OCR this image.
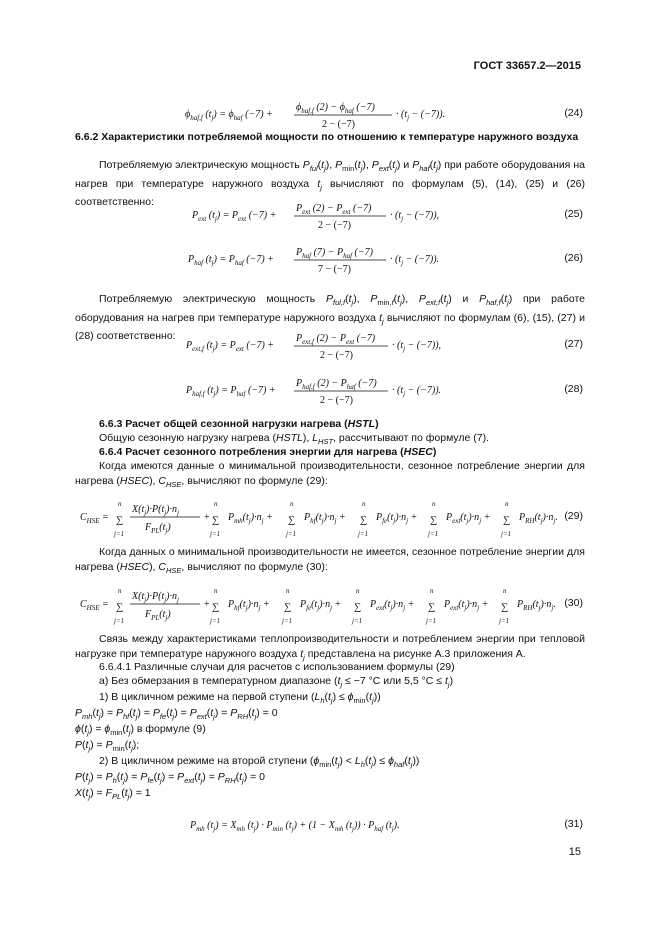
ГОСТ 33657.2—2015
$\phi_{haf,f}$ $(t_j) = \phi_{haf}$ (−7) +
$\phi_{haf,f}$ $(2) - \phi_{haf}$ (−7)
2 − (−7)
· $(t_j - (-7))$.	(24)
6.6.2 Характеристики потребляемой мощности по отношению к температуре наружного воздуха
Потребляемую электрическую мощность $P_{ful}(t_j)$, $P_{min}(t_j)$, $P_{ext}(t_j)$ и $P_{haf}(t_j)$ при работе оборудования на нагрев при температуре наружного воздуха $t_j$ вычисляют по формулам (5), (14), (25) и (26) соответственно:
$P_{ext}$ $(t_j) = P_{ext}$ (−7) +
$P_{ext}$ $(2) - P_{ext}$ (−7)
2 − (−7)
· $(t_j - (-7))$,	(25)
$P_{haf}$ $(t_j) = P_{haf}$ (−7) +
$P_{haf}$ $(7) - P_{haf}$ (−7)
7 − (−7)
· $(t_j - (-7))$.	(26)
Потребляемую электрическую мощность $P_{ful,f}(t_j)$, $P_{min,f}(t_j)$, $P_{ext,f}(t_j)$ и $P_{haf,f}(t_j)$ при работе оборудования на нагрев при температуре наружного воздуха $t_j$ вычисляют по формулам (6), (15), (27) и (28) соответственно:
$P_{ext,f}$ $(t_j) = P_{ext}$ (−7) +
$P_{ext,f}$ $(2) - P_{ext}$ (−7)
2 − (−7)
· $(t_j - (-7))$,	(27)
$P_{haf,f}$ $(t_j) = P_{haf}$ (−7) +
$P_{haf,f}$ $(2) - P_{haf}$ (−7)
2 − (−7)
· $(t_j - (-7))$.	(28)
6.6.3 Расчет общей сезонной нагрузки нагрева (HSTL)
Общую сезонную нагрузку нагрева (HSTL), $L_{HST}$, рассчитывают по формуле (7).
6.6.4 Расчет сезонного потребления энергии для нагрева (HSEC)
Когда имеются данные о минимальной производительности, сезонное потребление энергии для нагрева (HSEC), $C_{HSE}$, вычисляют по формуле (29):
$C_{HSE}$ = ∑
n
j=1
$X(t_j)\cdot P(t_j)\cdot n_j$
$F_{PL}(t_j)$
+ ∑
n
j=1
$P_{mh}(t_j)\cdot n_j$ + ∑
n
j=1
$P_{hf}(t_j)\cdot n_j$ + ∑
n
j=1
$P_{fe}(t_j)\cdot n_j$ + ∑
n
j=1
$P_{ext}(t_j)\cdot n_j$ + ∑
n
j=1
$P_{RH}(t_j)\cdot n_j$. (29)
Когда данных о минимальной производительности не имеется, сезонное потребление энергии для нагрева (HSEC), $C_{HSE}$, вычисляют по формуле (30):
$C_{HSE}$ = ∑
n
j=1
$X(t_j)\cdot P(t_j)\cdot n_j$
$F_{PL}(t_j)$
+ ∑
n
j=1
$P_{hf}(t_j)\cdot n_j$ + ∑
n
j=1
$P_{fe}(t_j)\cdot n_j$ + ∑
n
j=1
$P_{ext}(t_j)\cdot n_j$ + ∑
n
j=1
$P_{ext}(t_j)\cdot n_j$ + ∑
n
j=1
$P_{RH}(t_j)\cdot n_j$. (30)
Связь между характеристиками теплопроизводительности и потреблением энергии при тепловой нагрузке при температуре наружного воздуха $t_j$ представлена на рисунке А.3 приложения А.
6.6.4.1 Различные случаи для расчетов с использованием формулы (29)
а) Без обмерзания в температурном диапазоне ($t_j \le -7$ °С или 5,5 $^\circ С \le t_j$)
1) В цикличном режиме на первой ступени $(L_h(t_j) \le \phi_{min}(t_j))$
$P_{mh}(t_j) = P_{hf}(t_j) = P_{fe}(t_j) = P_{ext}(t_j) = P_{RH}(t_j) = 0$
$\phi(t_j) = \phi_{min}(t_j)$ в формуле (9)
$P(t_j) = P_{min}(t_j)$;
2) В цикличном режиме на второй ступени $(\phi_{min}(t_j) < L_h(t_j) \le \phi_{haf}(t_j))$
$P(t_j) = P_h(t_j) = P_{fe}(t_j) = P_{ext}(t_j) = P_{RH}(t_j) = 0$
$X(t_j) = F_{PL}(t_j) = 1$
$P_{mh}$ $(t_j) = X_{mh}$ $(t_j) \cdot P_{min}$ $(t_j) + (1 - X_{mh}$ $(t_j)) \cdot P_{haf}$ $(t_j)$.	(31)
15
